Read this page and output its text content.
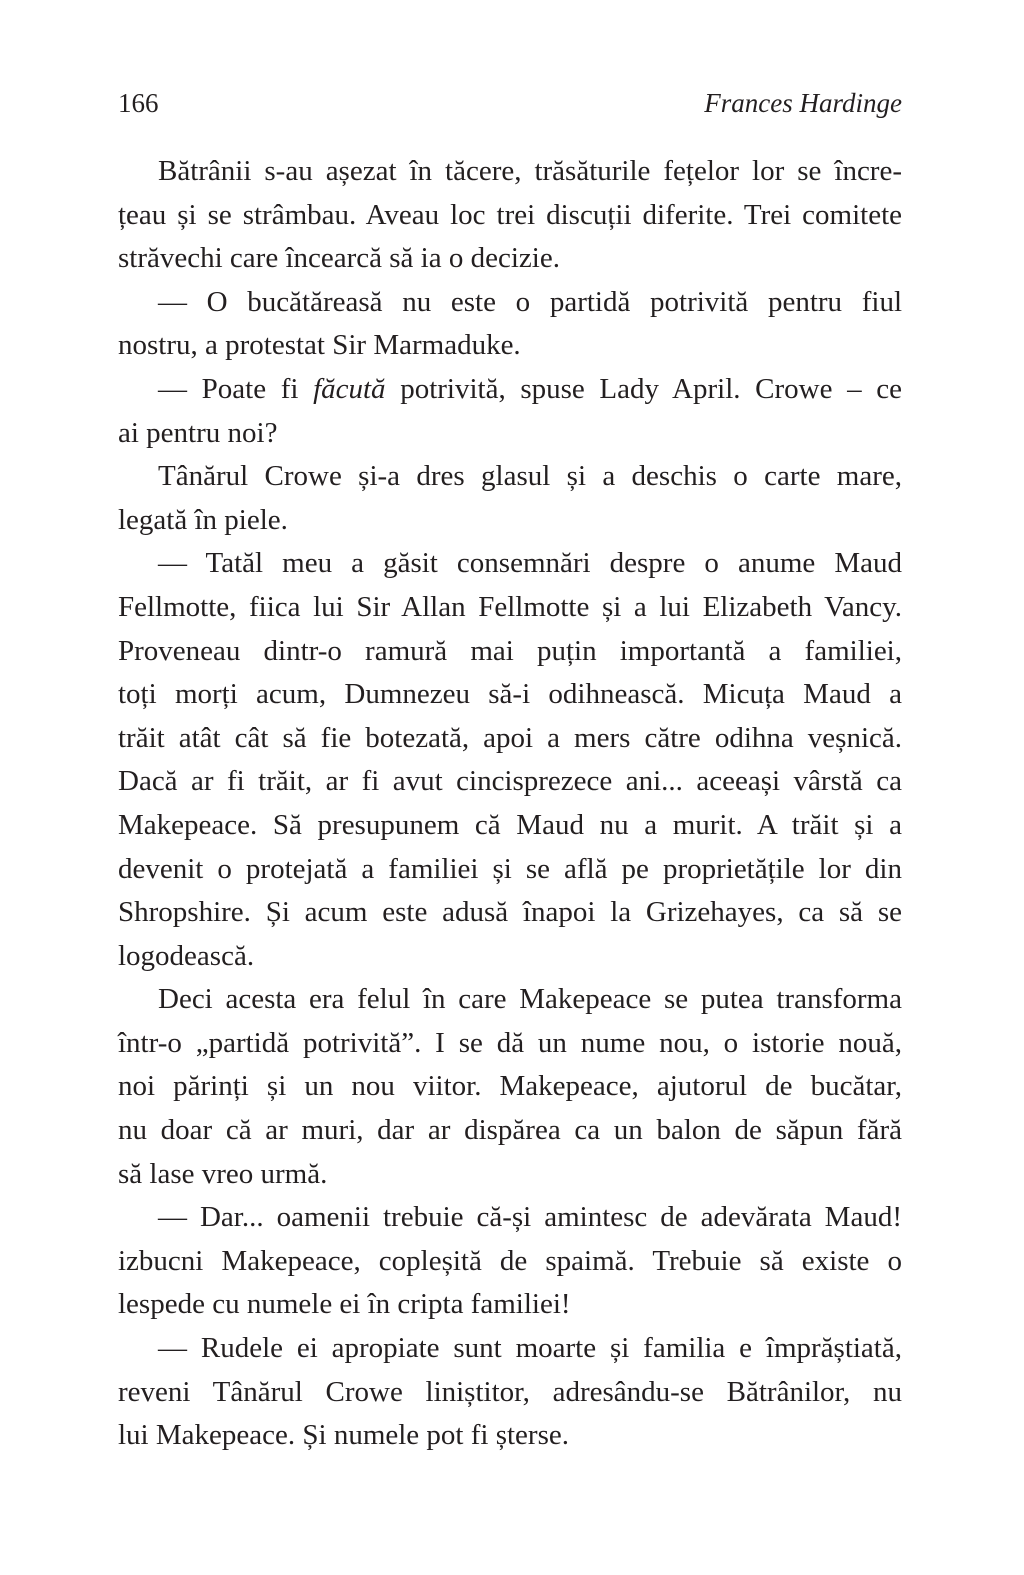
166	Frances Hardinge
Bătrânii s-au așezat în tăcere, trăsăturile fețelor lor se încre-
țeau și se strâmbau. Aveau loc trei discuții diferite. Trei comitete
străvechi care încearcă să ia o decizie.
— O bucătăreasă nu este o partidă potrivită pentru fiul
nostru, a protestat Sir Marmaduke.
— Poate fi făcută potrivită, spuse Lady April. Crowe – ce
ai pentru noi?
Tânărul Crowe și-a dres glasul și a deschis o carte mare,
legată în piele.
— Tatăl meu a găsit consemnări despre o anume Maud
Fellmotte, fiica lui Sir Allan Fellmotte și a lui Elizabeth Vancy.
Proveneau dintr-o ramură mai puțin importantă a familiei,
toți morți acum, Dumnezeu să-i odihnească. Micuța Maud a
trăit atât cât să fie botezată, apoi a mers către odihna veșnică.
Dacă ar fi trăit, ar fi avut cincisprezece ani... aceeași vârstă ca
Makepeace. Să presupunem că Maud nu a murit. A trăit și a
devenit o protejată a familiei și se află pe proprietățile lor din
Shropshire. Și acum este adusă înapoi la Grizehayes, ca să se
logodească.
Deci acesta era felul în care Makepeace se putea transforma
într-o „partidă potrivită”. I se dă un nume nou, o istorie nouă,
noi părinți și un nou viitor. Makepeace, ajutorul de bucătar,
nu doar că ar muri, dar ar dispărea ca un balon de săpun fără
să lase vreo urmă.
— Dar... oamenii trebuie că-și amintesc de adevărata Maud!
izbucni Makepeace, copleșită de spaimă. Trebuie să existe o
lespede cu numele ei în cripta familiei!
— Rudele ei apropiate sunt moarte și familia e împrăștiată,
reveni Tânărul Crowe liniștitor, adresându-se Bătrânilor, nu
lui Makepeace. Și numele pot fi șterse.
